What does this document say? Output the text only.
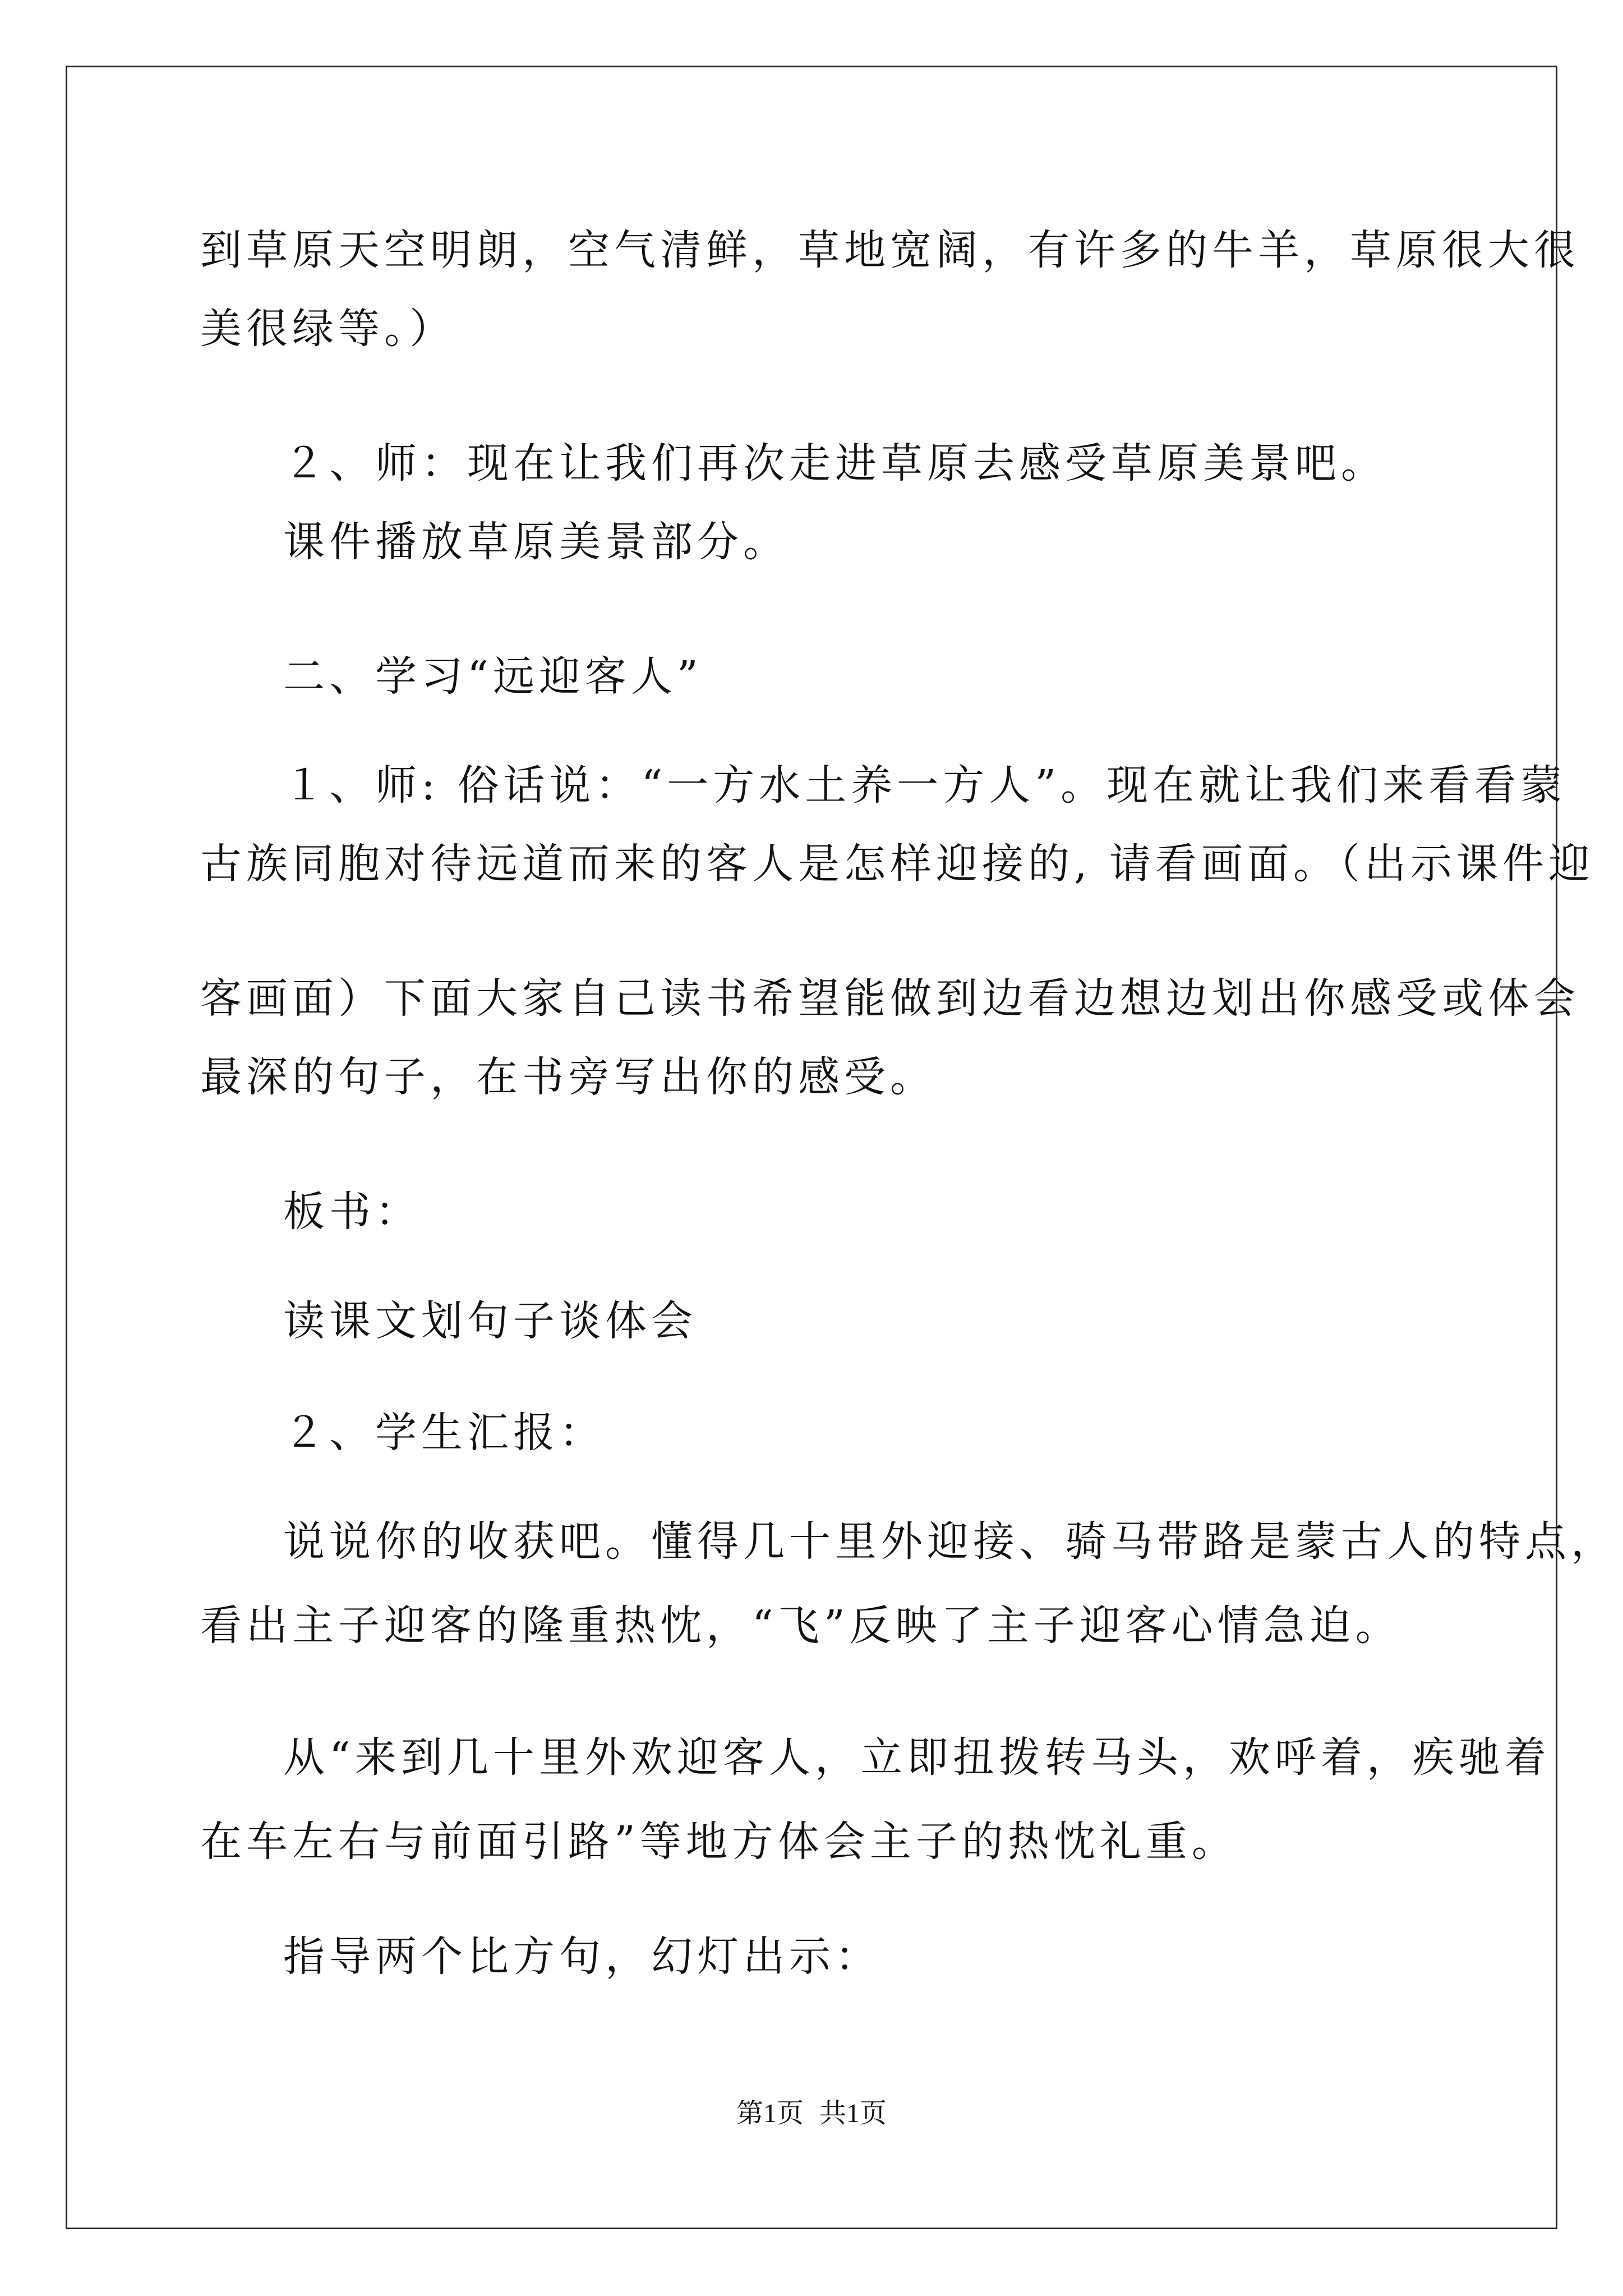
到草原天空明朗，空气清鲜，草地宽阔，有许多的牛羊，草原很大很
美很绿等。）
２、师：现在让我们再次走进草原去感受草原美景吧。
课件播放草原美景部分。
二、学习“远迎客人”
１、师: 俗话说：“一方水土养一方人”。现在就让我们来看看蒙
古族同胞对待远道而来的客人是怎样迎接的, 请看画面。（出示课件迎
客画面）下面大家自己读书希望能做到边看边想边划出你感受或体会
最深的句子，在书旁写出你的感受。
板书：
读课文划句子谈体会
２、学生汇报：
说说你的收获吧。懂得几十里外迎接、骑马带路是蒙古人的特点，
看出主子迎客的隆重热忱，“飞”反映了主子迎客心情急迫。
从“来到几十里外欢迎客人，立即扭拨转马头，欢呼着，疾驰着
在车左右与前面引路”等地方体会主子的热忱礼重。
指导两个比方句，幻灯出示：
第1页 共1页
